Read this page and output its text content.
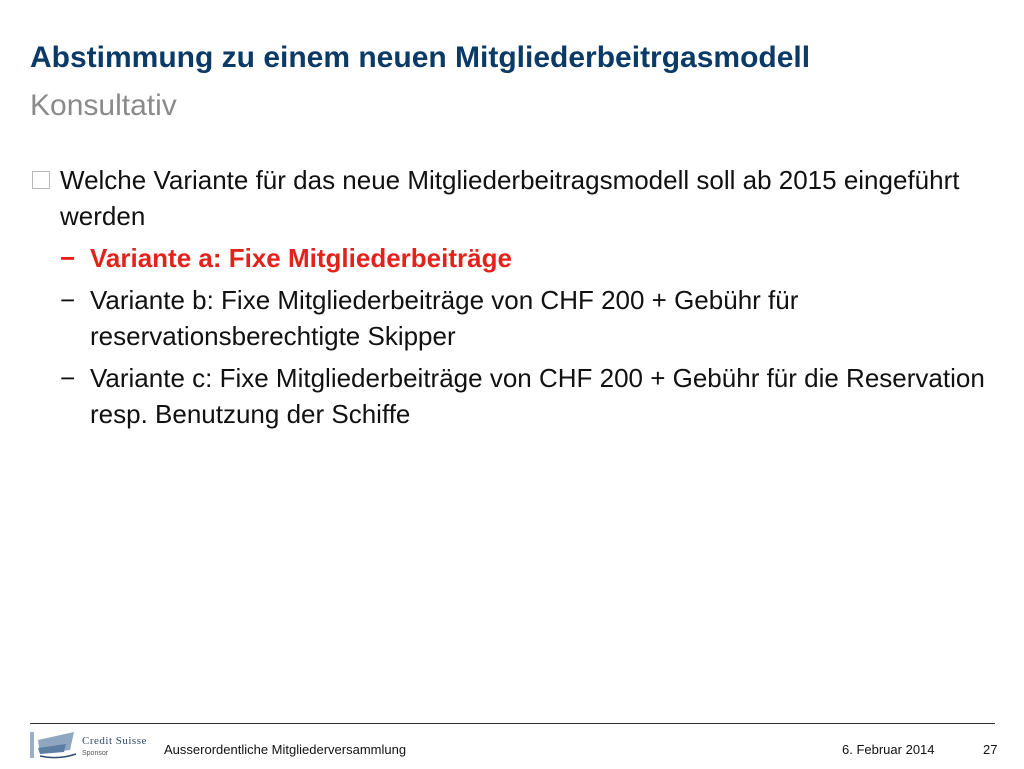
Abstimmung zu einem neuen Mitgliederbeitrgasmodell
Konsultativ
Welche Variante für das neue Mitgliederbeitragsmodell soll ab 2015 eingeführt werden
− Variante a: Fixe Mitgliederbeiträge
− Variante b: Fixe Mitgliederbeiträge von CHF 200 + Gebühr für reservationsberechtigte Skipper
− Variante c: Fixe Mitgliederbeiträge von CHF 200 + Gebühr für die Reservation resp. Benutzung der Schiffe
Credit Suisse
Sponsor	Ausserordentliche Mitgliederversammlung	6. Februar 2014	27
